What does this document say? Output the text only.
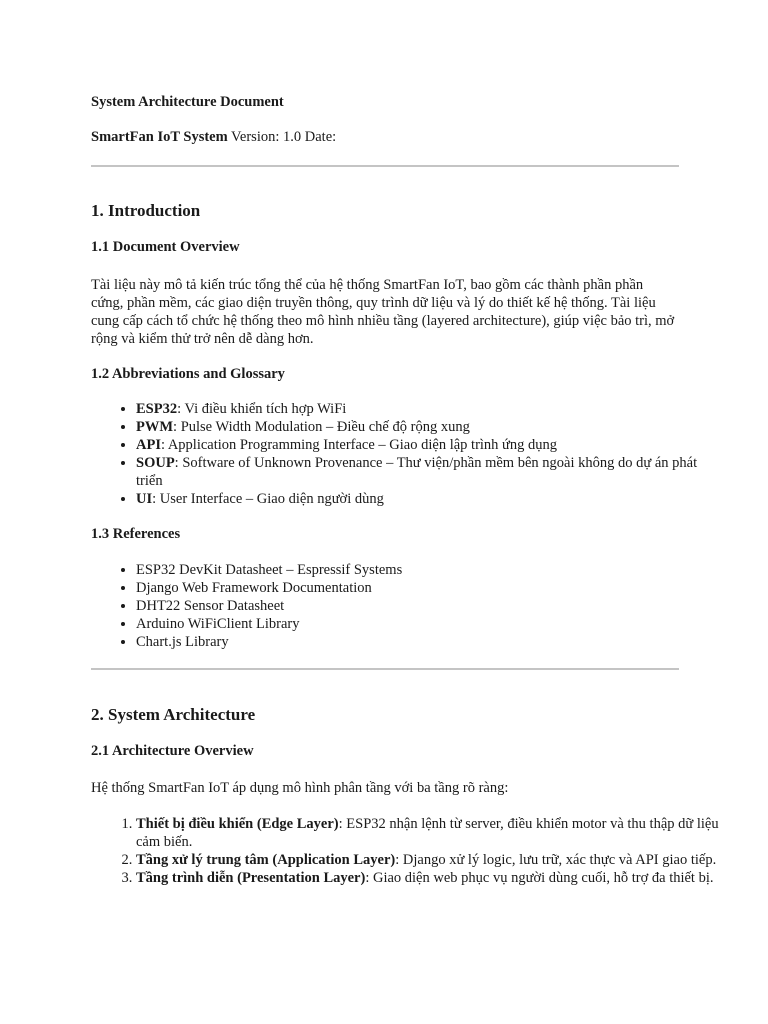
System Architecture Document

SmartFan IoT System Version: 1.0 Date:

1. Introduction
1.1 Document Overview

Tài liệu này mô tả kiến trúc tổng thể của hệ thống SmartFan IoT, bao gồm các thành phần phần cứng, phần mềm, các giao diện truyền thông, quy trình dữ liệu và lý do thiết kế hệ thống. Tài liệu cung cấp cách tổ chức hệ thống theo mô hình nhiều tầng (layered architecture), giúp việc bảo trì, mở rộng và kiểm thử trở nên dễ dàng hơn.

1.2 Abbreviations and Glossary
• ESP32: Vi điều khiển tích hợp WiFi
• PWM: Pulse Width Modulation – Điều chế độ rộng xung
• API: Application Programming Interface – Giao diện lập trình ứng dụng
• SOUP: Software of Unknown Provenance – Thư viện/phần mềm bên ngoài không do dự án phát triển
• UI: User Interface – Giao diện người dùng
1.3 References
• ESP32 DevKit Datasheet – Espressif Systems
• Django Web Framework Documentation
• DHT22 Sensor Datasheet
• Arduino WiFiClient Library
• Chart.js Library
2. System Architecture
2.1 Architecture Overview

Hệ thống SmartFan IoT áp dụng mô hình phân tầng với ba tầng rõ ràng:

1. Thiết bị điều khiển (Edge Layer): ESP32 nhận lệnh từ server, điều khiển motor và thu thập dữ liệu cảm biến.
2. Tầng xử lý trung tâm (Application Layer): Django xử lý logic, lưu trữ, xác thực và API giao tiếp.
3. Tầng trình diễn (Presentation Layer): Giao diện web phục vụ người dùng cuối, hỗ trợ đa thiết bị.
